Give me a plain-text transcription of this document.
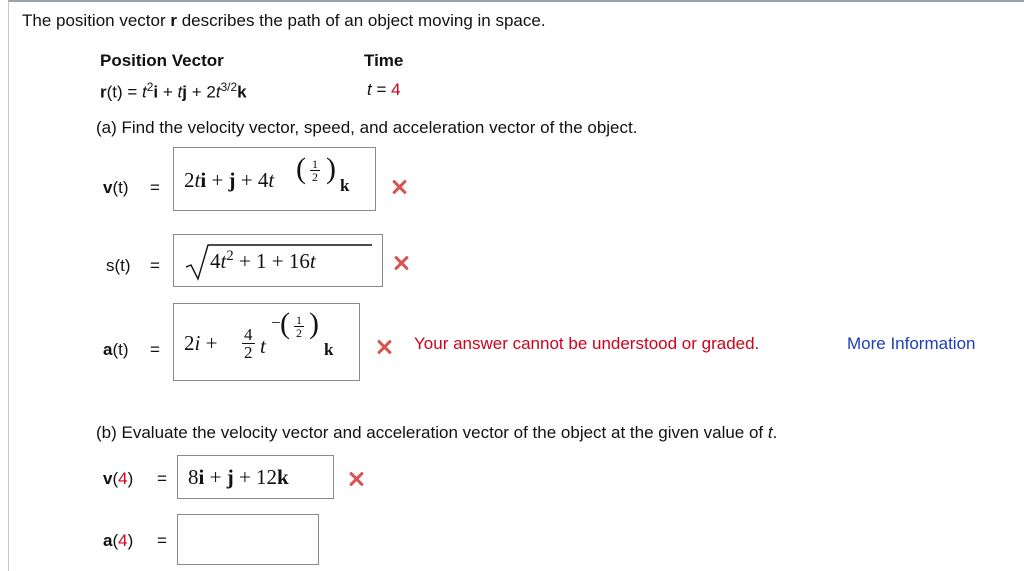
The position vector r describes the path of an object moving in space.
Position Vector	Time
$r(t) = t^2i$ + tj + $2t^{3/2}k$	t = 4
(a) Find the velocity vector, speed, and acceleration vector of the object.
v(t) = 2ti + j + 4t ( $\frac{1}{2}$ )
k
$s(t) = 4t^2 + 1 + 16t$
$a(t) = 2i + \frac{4}{2}$ t
− ( $\frac{1}{2}$ )
k	Your answer cannot be understood or graded.	More Information
(b) Evaluate the velocity vector and acceleration vector of the object at the given value of t.
v(4) = 8i + j + 12k
a(4) =
